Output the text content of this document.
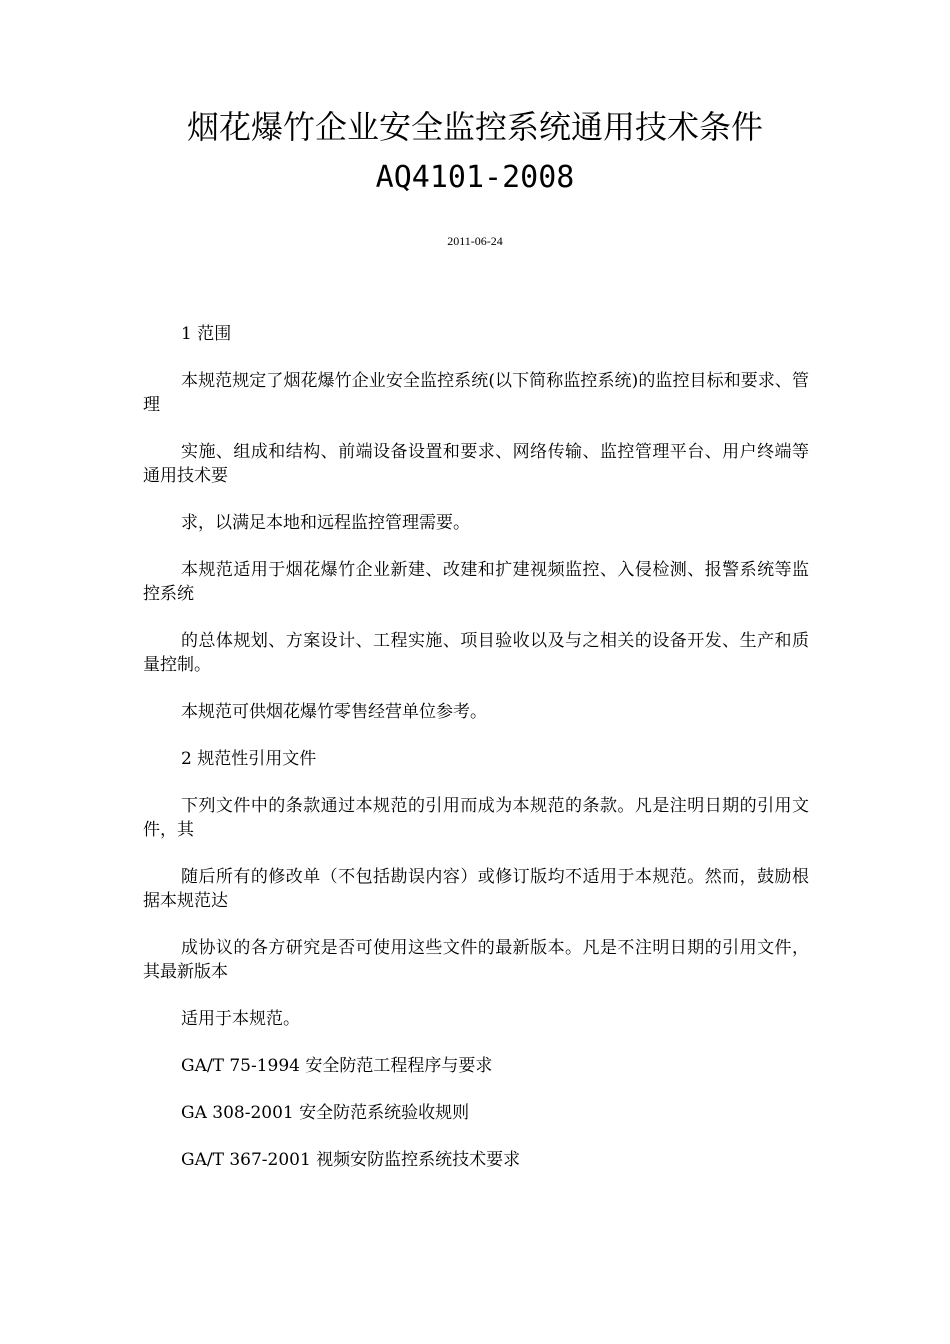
烟花爆竹企业安全监控系统通用技术条件
AQ4101-2008
2011-06-24

1 范围

本规范规定了烟花爆竹企业安全监控系统(以下简称监控系统)的监控目标和要求、管理

实施、组成和结构、前端设备设置和要求、网络传输、监控管理平台、用户终端等通用技术要

求，以满足本地和远程监控管理需要。

本规范适用于烟花爆竹企业新建、改建和扩建视频监控、入侵检测、报警系统等监控系统

的总体规划、方案设计、工程实施、项目验收以及与之相关的设备开发、生产和质量控制。

本规范可供烟花爆竹零售经营单位参考。

2 规范性引用文件

下列文件中的条款通过本规范的引用而成为本规范的条款。凡是注明日期的引用文件，其

随后所有的修改单（不包括勘误内容）或修订版均不适用于本规范。然而，鼓励根据本规范达

成协议的各方研究是否可使用这些文件的最新版本。凡是不注明日期的引用文件，其最新版本

适用于本规范。

GA/T 75-1994 安全防范工程程序与要求

GA 308-2001 安全防范系统验收规则

GA/T 367-2001 视频安防监控系统技术要求
